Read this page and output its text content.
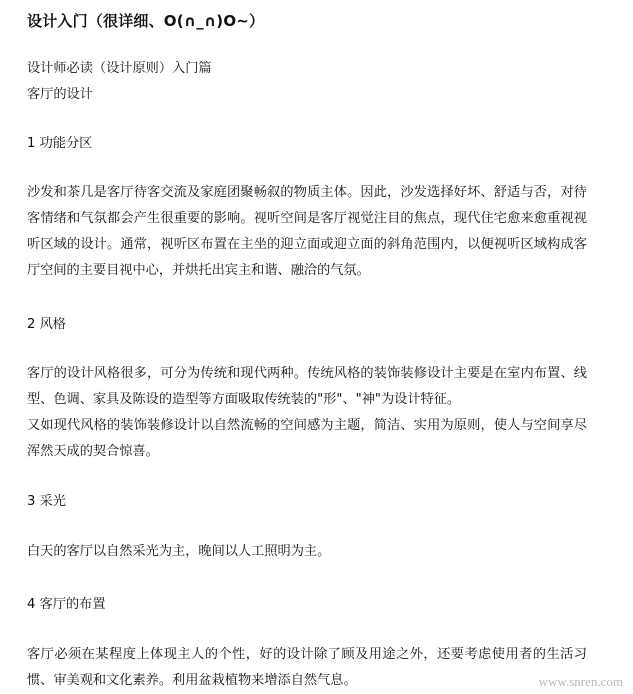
设计入门（很详细、O(∩_∩)O~）
设计师必读（设计原则）入门篇
客厅的设计
1 功能分区
沙发和茶几是客厅待客交流及家庭团聚畅叙的物质主体。因此，沙发选择好坏、舒适与否，对待客情绪和气氛都会产生很重要的影响。视听空间是客厅视觉注目的焦点，现代住宅愈来愈重视视听区域的设计。通常，视听区布置在主坐的迎立面或迎立面的斜角范围内，以便视听区域构成客厅空间的主要目视中心，并烘托出宾主和谐、融洽的气氛。
2 风格
客厅的设计风格很多，可分为传统和现代两种。传统风格的装饰装修设计主要是在室内布置、线型、色调、家具及陈设的造型等方面吸取传统装的"形"、"神"为设计特征。
又如现代风格的装饰装修设计以自然流畅的空间感为主题，简洁、实用为原则，使人与空间享尽浑然天成的契合惊喜。
3 采光
白天的客厅以自然采光为主，晚间以人工照明为主。
4 客厅的布置
客厅必须在某程度上体现主人的个性，好的设计除了顾及用途之外，还要考虑使用者的生活习惯、审美观和文化素养。利用盆栽植物来增添自然气息。	www.snren.com
